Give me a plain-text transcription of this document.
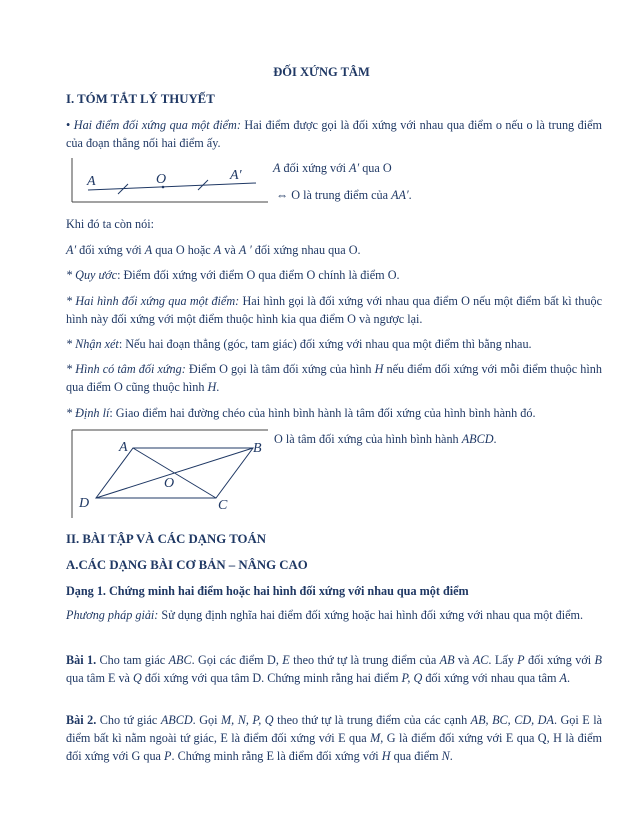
ĐỐI XỨNG TÂM
I. TÓM TẮT LÝ THUYẾT
• Hai điểm đối xứng qua một điểm: Hai điểm được gọi là đối xứng với nhau qua điểm o nếu o là trung điểm của đoạn thẳng nối hai điểm ấy.
A	O	A′	A đối xứng với A′ qua O
⇔ O là trung điểm của AA′.
Khi đó ta còn nói:
A′ đối xứng với A qua O hoặc A và A ′ đối xứng nhau qua O.
* Quy ước: Điểm đối xứng với điểm O qua điểm O chính là điểm O.
* Hai hình đối xứng qua một điểm: Hai hình gọi là đối xứng với nhau qua điểm O nếu một điểm bất kì thuộc hình này đối xứng với một điểm thuộc hình kia qua điểm O và ngược lại.
* Nhận xét: Nếu hai đoạn thẳng (góc, tam giác) đối xứng với nhau qua một điểm thì bằng nhau.
* Hình có tâm đối xứng: Điểm O gọi là tâm đối xứng của hình H nếu điểm đối xứng với mỗi điểm thuộc hình qua điểm O cũng thuộc hình H.
* Định lí: Giao điểm hai đường chéo của hình bình hành là tâm đối xứng của hình bình hành đó.
A	B
C
D
O
O là tâm đối xứng của hình bình hành ABCD.
II. BÀI TẬP VÀ CÁC DẠNG TOÁN
A.CÁC DẠNG BÀI CƠ BẢN – NÂNG CAO
Dạng 1. Chứng minh hai điểm hoặc hai hình đối xứng với nhau qua một điểm
Phương pháp giải: Sử dụng định nghĩa hai điểm đối xứng hoặc hai hình đối xứng với nhau qua một điểm.
Bài 1. Cho tam giác ABC. Gọi các điểm D, E theo thứ tự là trung điểm của AB và AC. Lấy P đối xứng với B qua tâm E và Q đối xứng với qua tâm D. Chứng minh rằng hai điểm P, Q đối xứng với nhau qua tâm A.
Bài 2. Cho tứ giác ABCD. Gọi M, N, P, Q theo thứ tự là trung điểm của các cạnh AB, BC, CD, DA. Gọi E là điểm bất kì nằm ngoài tứ giác, E là điểm đối xứng với E qua M, G là điểm đối xứng với E qua Q, H là điểm đối xứng với G qua P. Chứng minh rằng E là điểm đối xứng với H qua điểm N.
